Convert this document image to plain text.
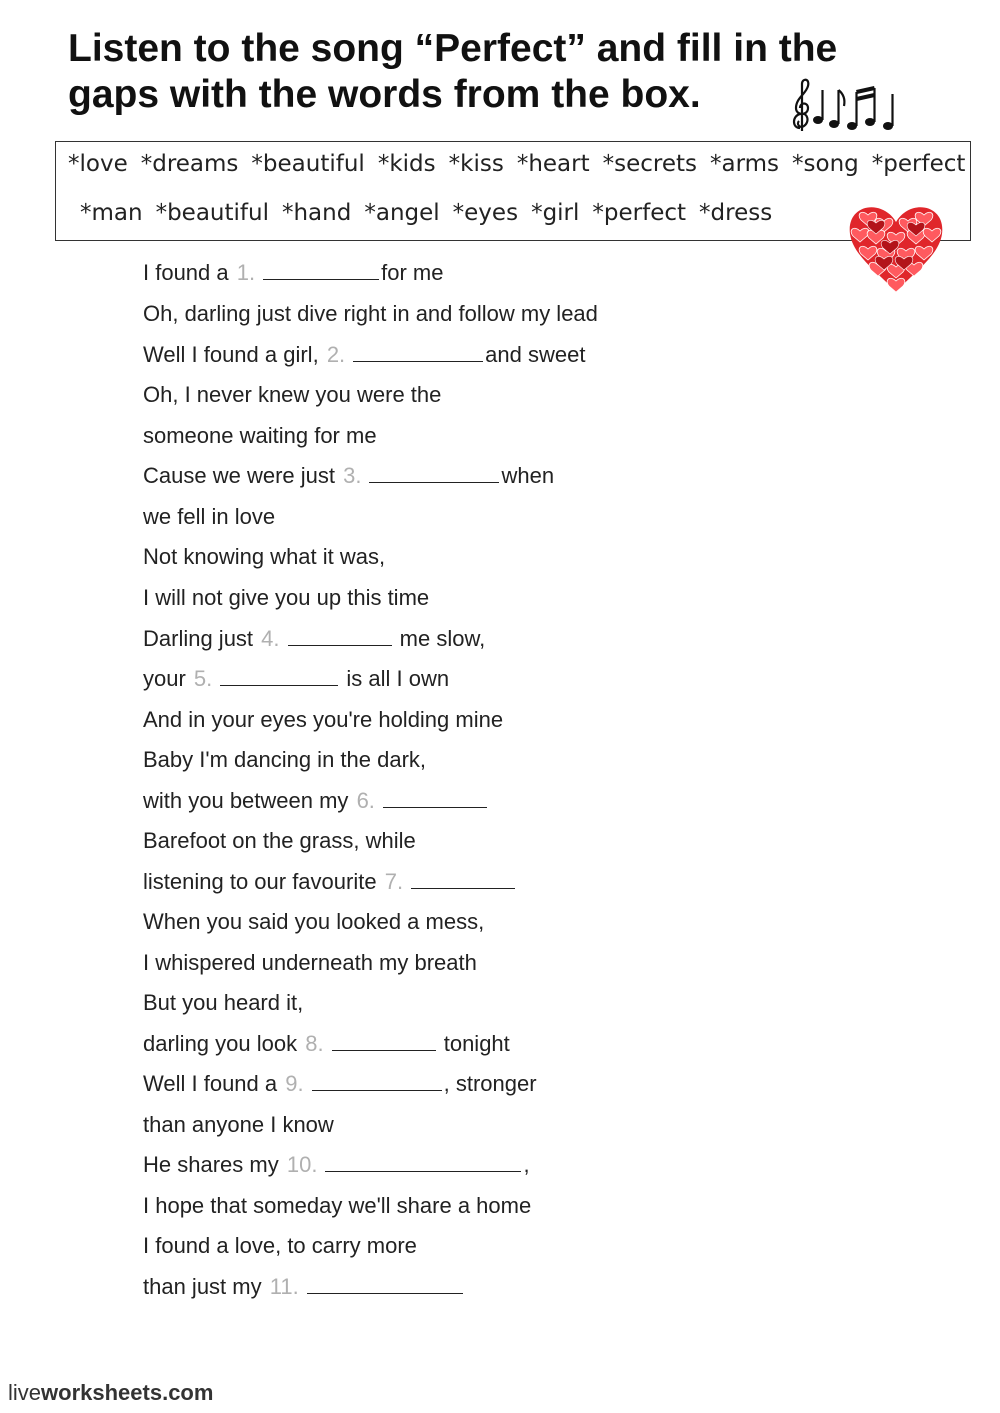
Listen to the song “Perfect” and fill in the
gaps with the words from the box.
*love *dreams *beautiful *kids *kiss *heart *secrets *arms *song *perfect
*man *beautiful *hand *angel *eyes *girl *perfect *dress
I found a 1.	for me
Oh, darling just dive right in and follow my lead
Well I found a girl, 2.	and sweet
Oh, I never knew you were the
someone waiting for me
Cause we were just 3.	when
we fell in love
Not knowing what it was,
I will not give you up this time
Darling just 4.	me slow,
your 5.	is all I own
And in your eyes you're holding mine
Baby I'm dancing in the dark,
with you between my 6.
Barefoot on the grass, while
listening to our favourite 7.
When you said you looked a mess,
I whispered underneath my breath
But you heard it,
darling you look 8.	tonight
Well I found a 9.	, stronger
than anyone I know
He shares my 10.	,
I hope that someday we'll share a home
I found a love, to carry more
than just my 11.
liveworksheets.com
